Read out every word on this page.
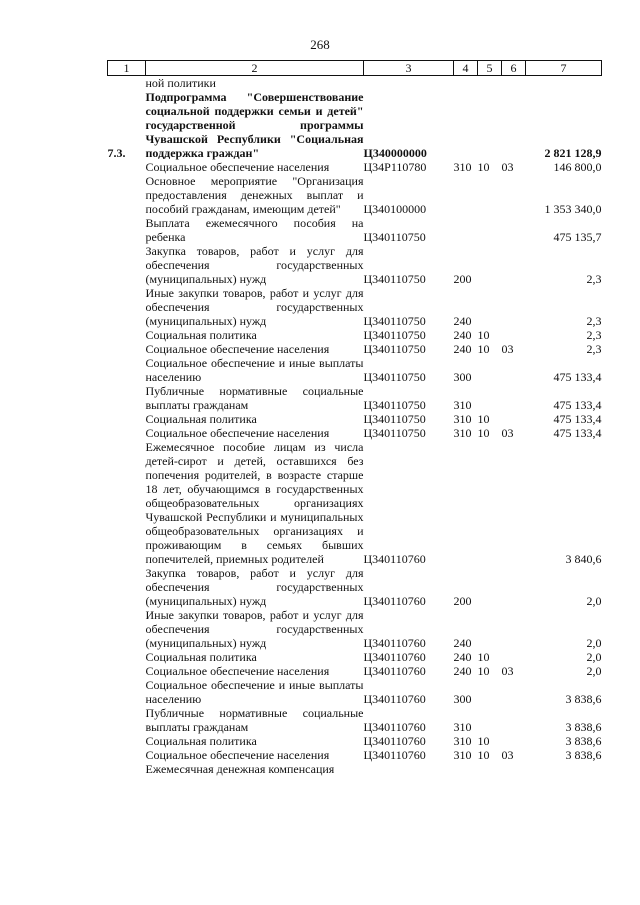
268
1	2	3	4	5	6	7
	ной политики					
7.3.	Подпрограмма "Совершенствование социальной поддержки семьи и детей" государственной программы Чувашской Республики "Социальная поддержка граждан"	Ц340000000				2 821 128,9
	Социальное обеспечение населения	Ц34P110780	310	10	03	146 800,0
	Основное мероприятие "Организация предоставления денежных выплат и пособий гражданам, имеющим детей"	Ц340100000				1 353 340,0
	Выплата ежемесячного пособия на ребенка	Ц340110750				475 135,7
	Закупка товаров, работ и услуг для обеспечения государственных (муниципальных) нужд	Ц340110750	200			2,3
	Иные закупки товаров, работ и услуг для обеспечения государственных (муниципальных) нужд	Ц340110750	240			2,3
	Социальная политика	Ц340110750	240	10		2,3
	Социальное обеспечение населения	Ц340110750	240	10	03	2,3
	Социальное обеспечение и иные выплаты населению	Ц340110750	300			475 133,4
	Публичные нормативные социальные выплаты гражданам	Ц340110750	310			475 133,4
	Социальная политика	Ц340110750	310	10		475 133,4
	Социальное обеспечение населения	Ц340110750	310	10	03	475 133,4
	Ежемесячное пособие лицам из числа детей-сирот и детей, оставшихся без попечения родителей, в возрасте старше 18 лет, обучающимся в государственных общеобразовательных организациях Чувашской Республики и муниципальных общеобразовательных организациях и проживающим в семьях бывших попечителей, приемных родителей	Ц340110760				3 840,6
	Закупка товаров, работ и услуг для обеспечения государственных (муниципальных) нужд	Ц340110760	200			2,0
	Иные закупки товаров, работ и услуг для обеспечения государственных (муниципальных) нужд	Ц340110760	240			2,0
	Социальная политика	Ц340110760	240	10		2,0
	Социальное обеспечение населения	Ц340110760	240	10	03	2,0
	Социальное обеспечение и иные выплаты населению	Ц340110760	300			3 838,6
	Публичные нормативные социальные выплаты гражданам	Ц340110760	310			3 838,6
	Социальная политика	Ц340110760	310	10		3 838,6
	Социальное обеспечение населения	Ц340110760	310	10	03	3 838,6
	Ежемесячная денежная компенсация					
